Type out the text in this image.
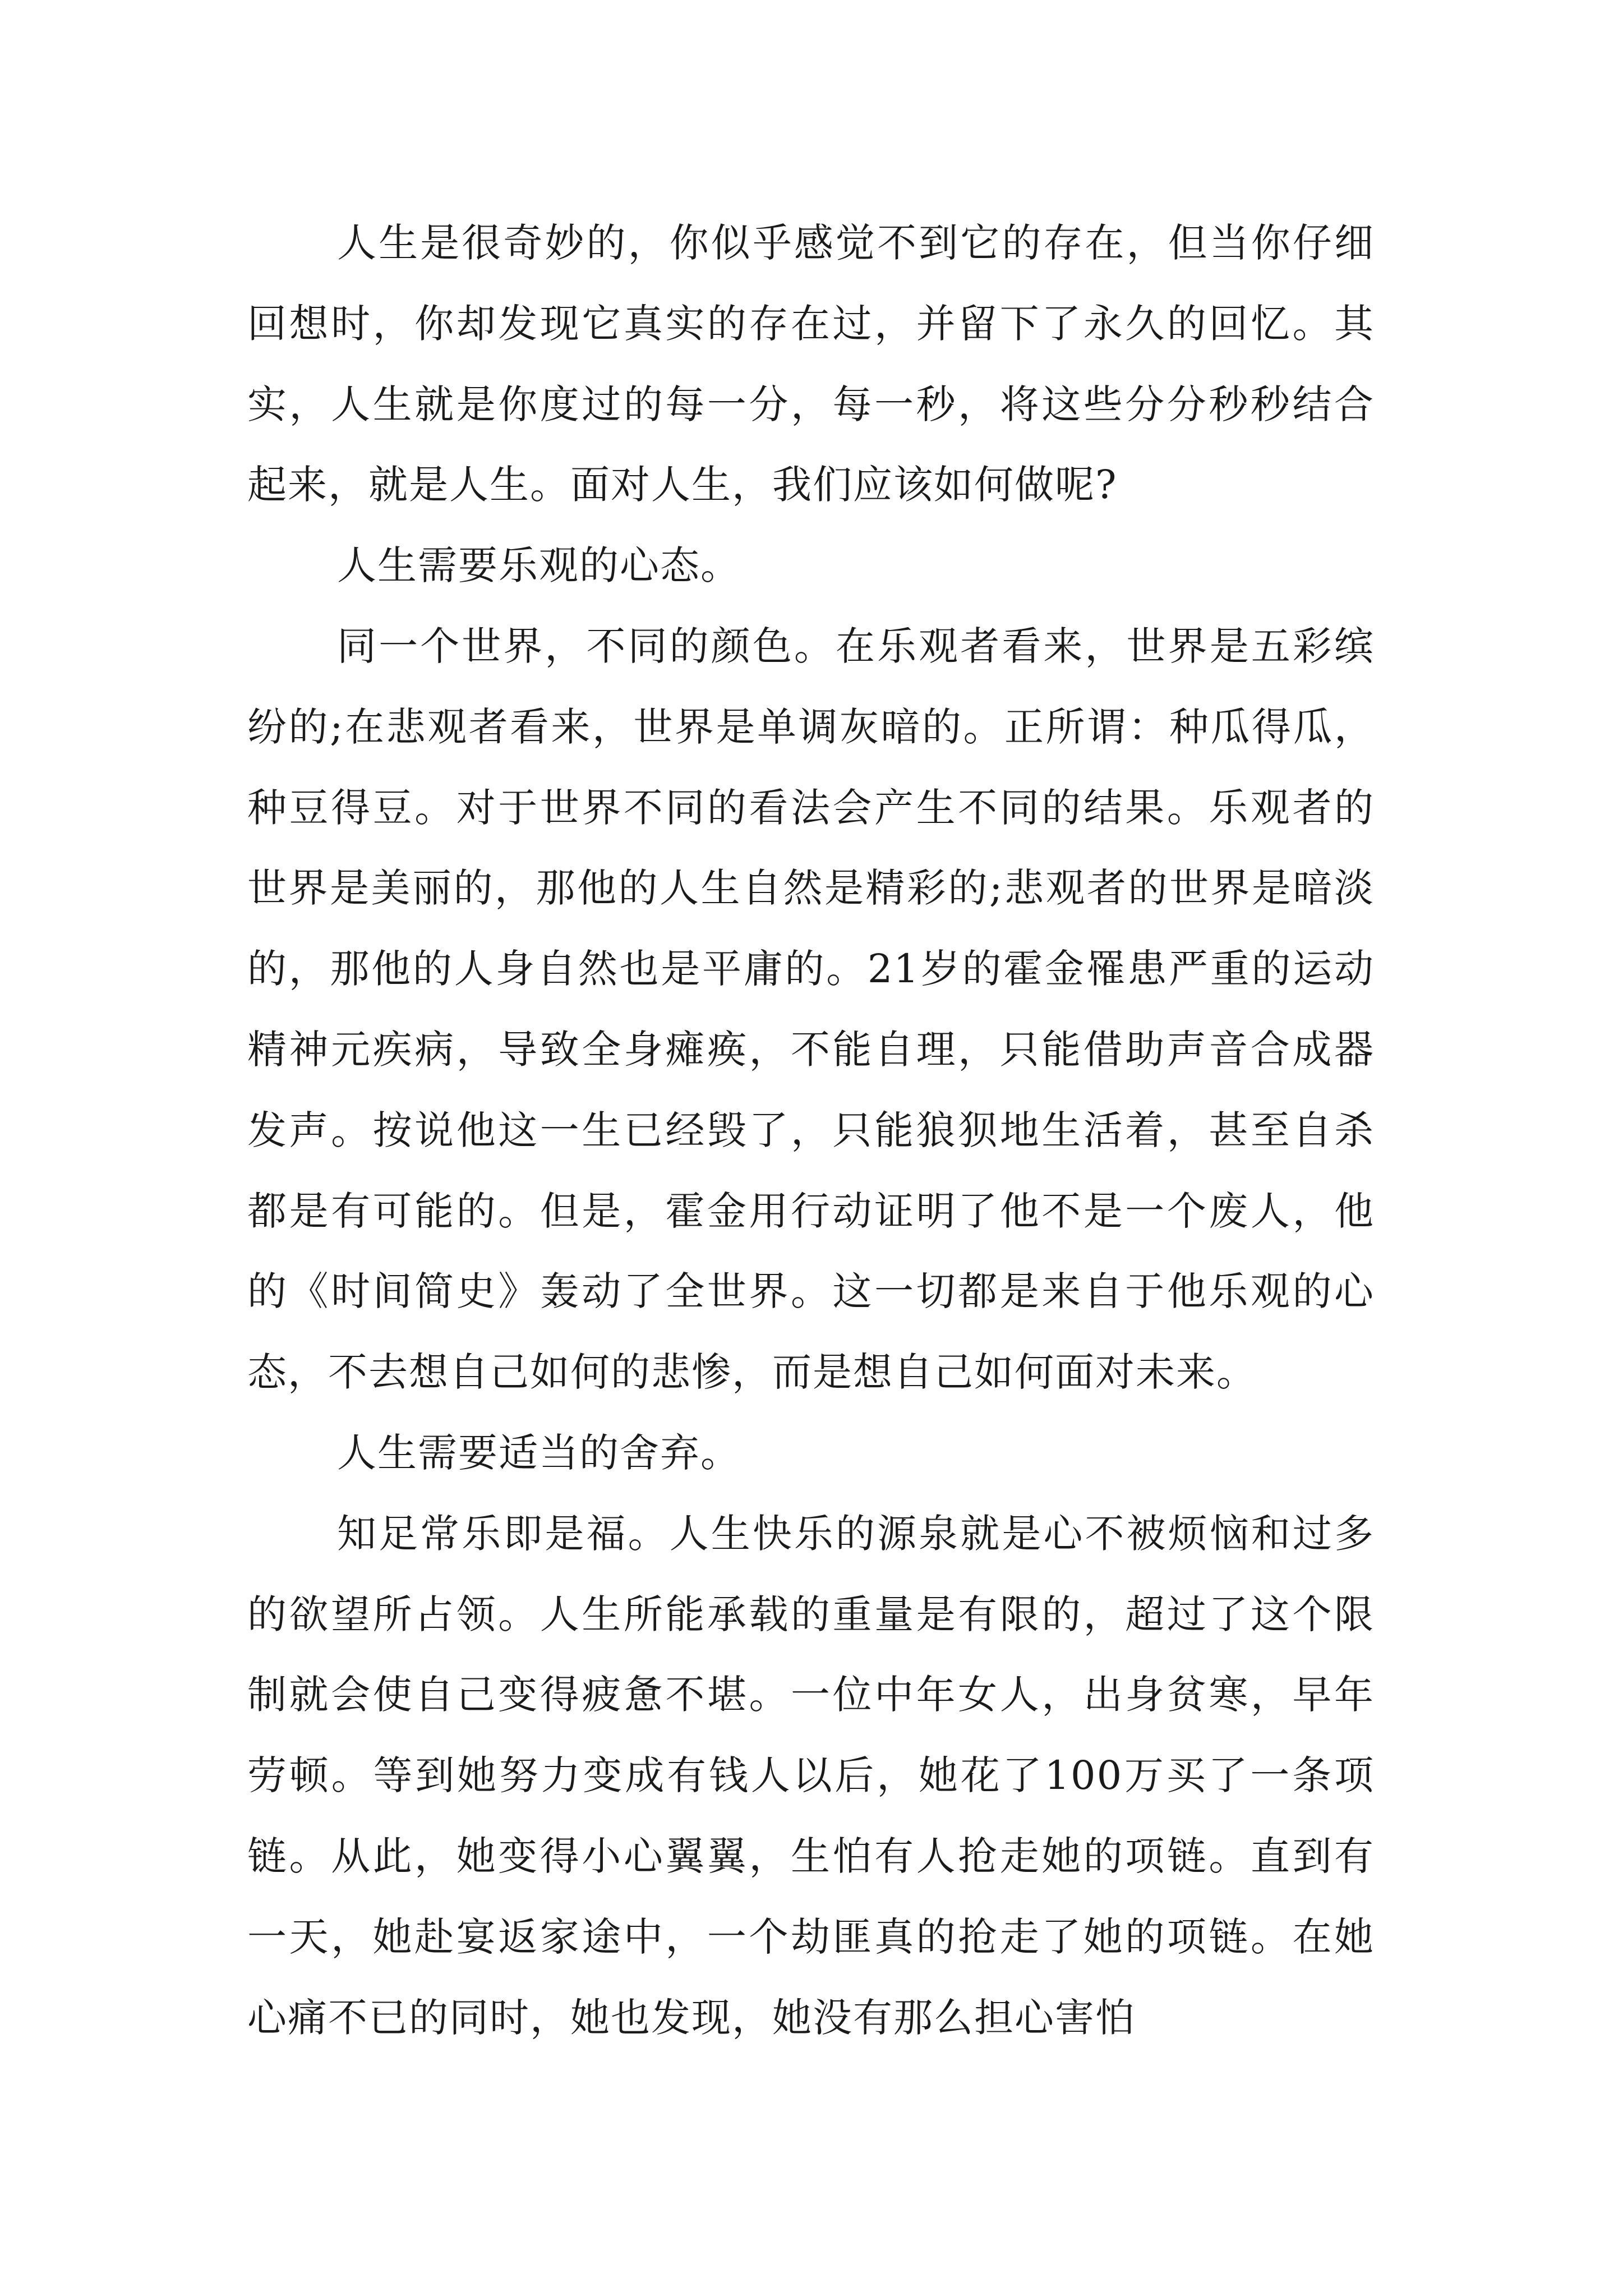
人生是很奇妙的，你似乎感觉不到它的存在，但当你仔细回想时，你却发现它真实的存在过，并留下了永久的回忆。其实，人生就是你度过的每一分，每一秒，将这些分分秒秒结合起来，就是人生。面对人生，我们应该如何做呢?

人生需要乐观的心态。

同一个世界，不同的颜色。在乐观者看来，世界是五彩缤纷的;在悲观者看来，世界是单调灰暗的。正所谓：种瓜得瓜，种豆得豆。对于世界不同的看法会产生不同的结果。乐观者的世界是美丽的，那他的人生自然是精彩的;悲观者的世界是暗淡的，那他的人身自然也是平庸的。21岁的霍金罹患严重的运动精神元疾病，导致全身瘫痪，不能自理，只能借助声音合成器发声。按说他这一生已经毁了，只能狼狈地生活着，甚至自杀都是有可能的。但是，霍金用行动证明了他不是一个废人，他的《时间简史》轰动了全世界。这一切都是来自于他乐观的心态，不去想自己如何的悲惨，而是想自己如何面对未来。

人生需要适当的舍弃。

知足常乐即是福。人生快乐的源泉就是心不被烦恼和过多的欲望所占领。人生所能承载的重量是有限的，超过了这个限制就会使自己变得疲惫不堪。一位中年女人，出身贫寒，早年劳顿。等到她努力变成有钱人以后，她花了100万买了一条项链。从此，她变得小心翼翼，生怕有人抢走她的项链。直到有一天，她赴宴返家途中，一个劫匪真的抢走了她的项链。在她心痛不已的同时，她也发现，她没有那么担心害怕
